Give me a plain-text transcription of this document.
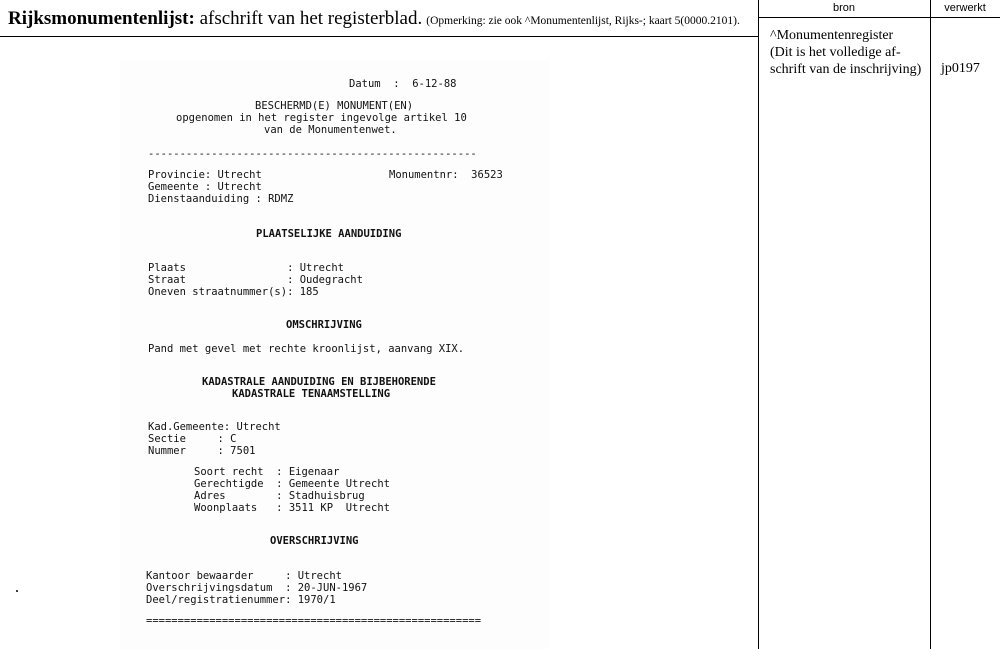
Rijksmonumentenlijst: afschrift van het registerblad. (Opmerking: zie ook ^Monumentenlijst, Rijks-; kaart 5(0000.2101).
bron	verwerkt
^Monumentenregister
(Dit is het volledige af-
schrift van de inschrijving)	jp0197
Datum  :  6-12-88
BESCHERMD(E) MONUMENT(EN)
opgenomen in het register ingevolge artikel 10
van de Monumentenwet.
----------------------------------------------------
Provincie: Utrecht	Monumentnr:  36523
Gemeente : Utrecht
Dienstaanduiding : RDMZ
PLAATSELIJKE AANDUIDING
Plaats                : Utrecht
Straat                : Oudegracht
Oneven straatnummer(s): 185
OMSCHRIJVING
Pand met gevel met rechte kroonlijst, aanvang XIX.
KADASTRALE AANDUIDING EN BIJBEHORENDE
KADASTRALE TENAAMSTELLING
Kad.Gemeente: Utrecht
Sectie     : C
Nummer     : 7501
Soort recht  : Eigenaar
Gerechtigde  : Gemeente Utrecht
Adres        : Stadhuisbrug
Woonplaats   : 3511 KP  Utrecht
OVERSCHRIJVING
Kantoor bewaarder     : Utrecht
Overschrijvingsdatum  : 20-JUN-1967
Deel/registratienummer: 1970/1
=====================================================
